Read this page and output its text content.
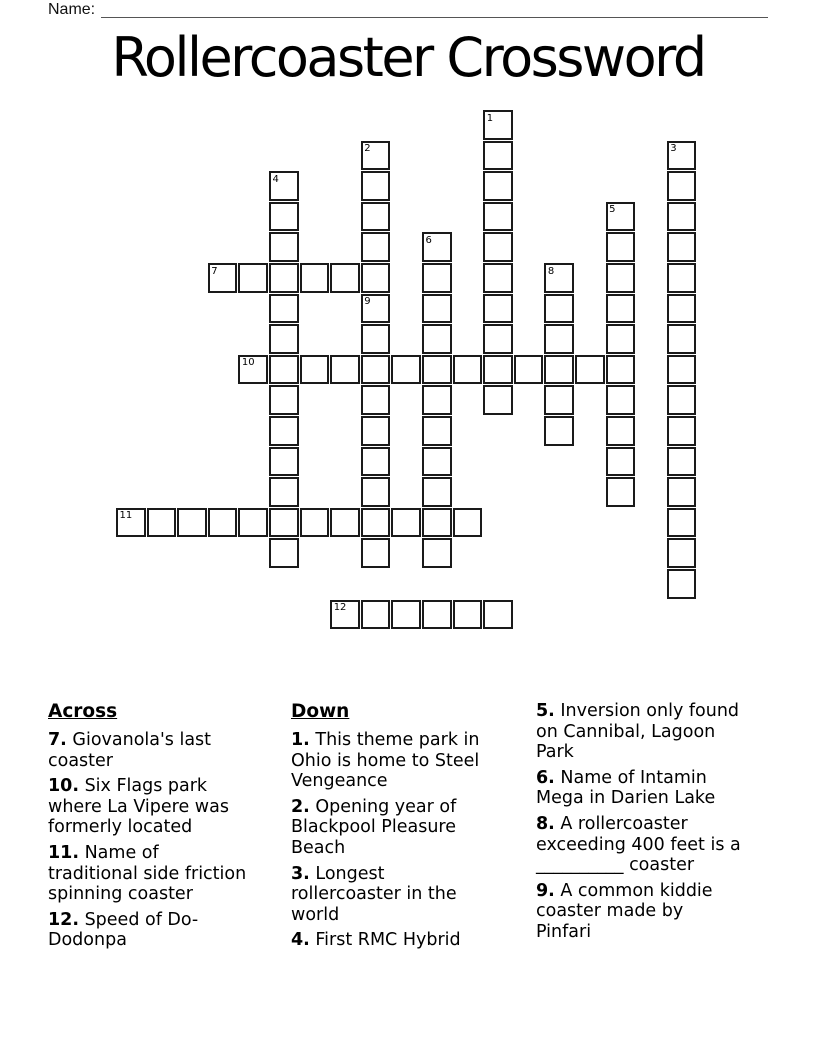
Name:
Rollercoaster Crossword
1
2	3
4
5
6
7	8
9
10
11
12
Across

7. Giovanola's last coaster

10. Six Flags park where La Vipere was formerly located

11. Name of traditional side friction spinning coaster

12. Speed of Do-Dodonpa

Down

1. This theme park in Ohio is home to Steel Vengeance

2. Opening year of Blackpool Pleasure Beach

3. Longest rollercoaster in the world

4. First RMC Hybrid

5. Inversion only found on Cannibal, Lagoon Park

6. Name of Intamin Mega in Darien Lake

8. A rollercoaster exceeding 400 feet is a __________ coaster

9. A common kiddie coaster made by Pinfari
